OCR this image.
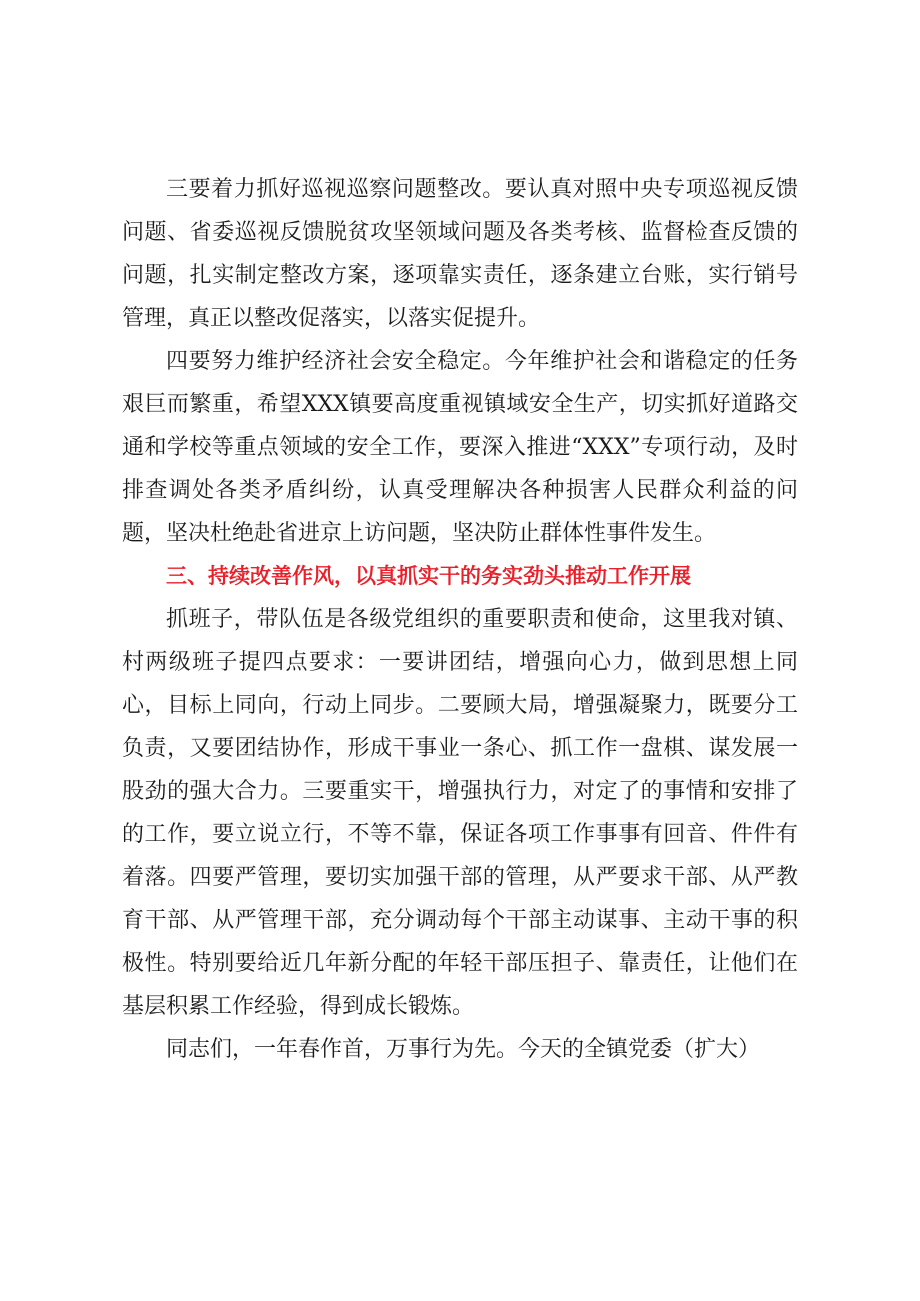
三要着力抓好巡视巡察问题整改。要认真对照中央专项巡视反馈问题、省委巡视反馈脱贫攻坚领域问题及各类考核、监督检查反馈的问题，扎实制定整改方案，逐项靠实责任，逐条建立台账，实行销号管理，真正以整改促落实，以落实促提升。

四要努力维护经济社会安全稳定。今年维护社会和谐稳定的任务艰巨而繁重，希望XXX镇要高度重视镇域安全生产，切实抓好道路交通和学校等重点领域的安全工作，要深入推进“XXX”专项行动，及时排查调处各类矛盾纠纷，认真受理解决各种损害人民群众利益的问题，坚决杜绝赴省进京上访问题，坚决防止群体性事件发生。

三、持续改善作风，以真抓实干的务实劲头推动工作开展

抓班子，带队伍是各级党组织的重要职责和使命，这里我对镇、村两级班子提四点要求：一要讲团结，增强向心力，做到思想上同心，目标上同向，行动上同步。二要顾大局，增强凝聚力，既要分工负责，又要团结协作，形成干事业一条心、抓工作一盘棋、谋发展一股劲的强大合力。三要重实干，增强执行力，对定了的事情和安排了的工作，要立说立行，不等不靠，保证各项工作事事有回音、件件有着落。四要严管理，要切实加强干部的管理，从严要求干部、从严教育干部、从严管理干部，充分调动每个干部主动谋事、主动干事的积极性。特别要给近几年新分配的年轻干部压担子、靠责任，让他们在基层积累工作经验，得到成长锻炼。

同志们，一年春作首，万事行为先。今天的全镇党委（扩大）
